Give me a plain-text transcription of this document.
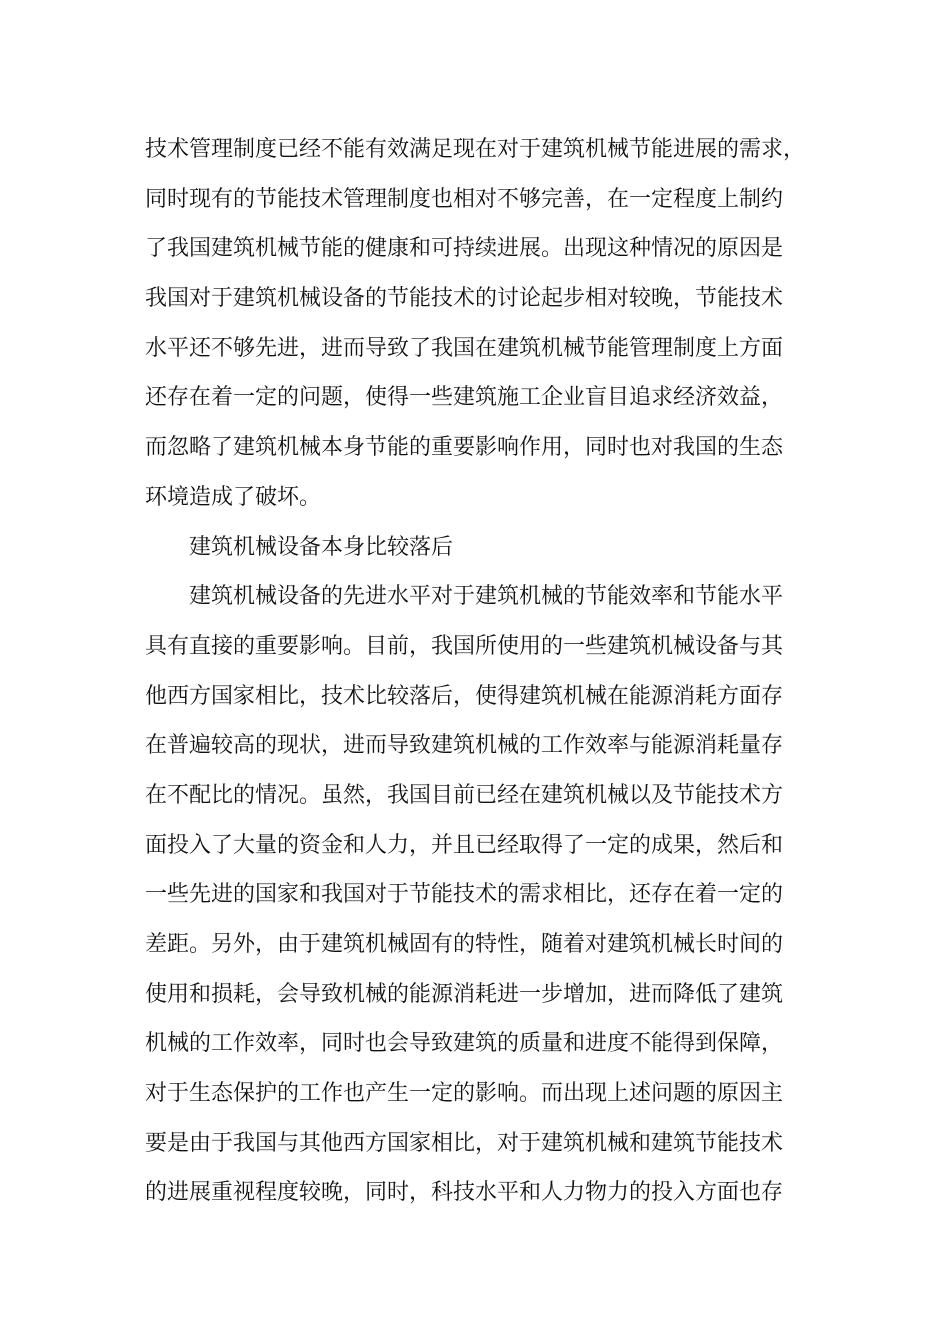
技术管理制度已经不能有效满足现在对于建筑机械节能进展的需求，
同时现有的节能技术管理制度也相对不够完善，在一定程度上制约
了我国建筑机械节能的健康和可持续进展。出现这种情况的原因是
我国对于建筑机械设备的节能技术的讨论起步相对较晚，节能技术
水平还不够先进，进而导致了我国在建筑机械节能管理制度上方面
还存在着一定的问题，使得一些建筑施工企业盲目追求经济效益，
而忽略了建筑机械本身节能的重要影响作用，同时也对我国的生态
环境造成了破坏。
建筑机械设备本身比较落后
建筑机械设备的先进水平对于建筑机械的节能效率和节能水平
具有直接的重要影响。目前，我国所使用的一些建筑机械设备与其
他西方国家相比，技术比较落后，使得建筑机械在能源消耗方面存
在普遍较高的现状，进而导致建筑机械的工作效率与能源消耗量存
在不配比的情况。虽然，我国目前已经在建筑机械以及节能技术方
面投入了大量的资金和人力，并且已经取得了一定的成果，然后和
一些先进的国家和我国对于节能技术的需求相比，还存在着一定的
差距。另外，由于建筑机械固有的特性，随着对建筑机械长时间的
使用和损耗，会导致机械的能源消耗进一步增加，进而降低了建筑
机械的工作效率，同时也会导致建筑的质量和进度不能得到保障，
对于生态保护的工作也产生一定的影响。而出现上述问题的原因主
要是由于我国与其他西方国家相比，对于建筑机械和建筑节能技术
的进展重视程度较晚，同时，科技水平和人力物力的投入方面也存
